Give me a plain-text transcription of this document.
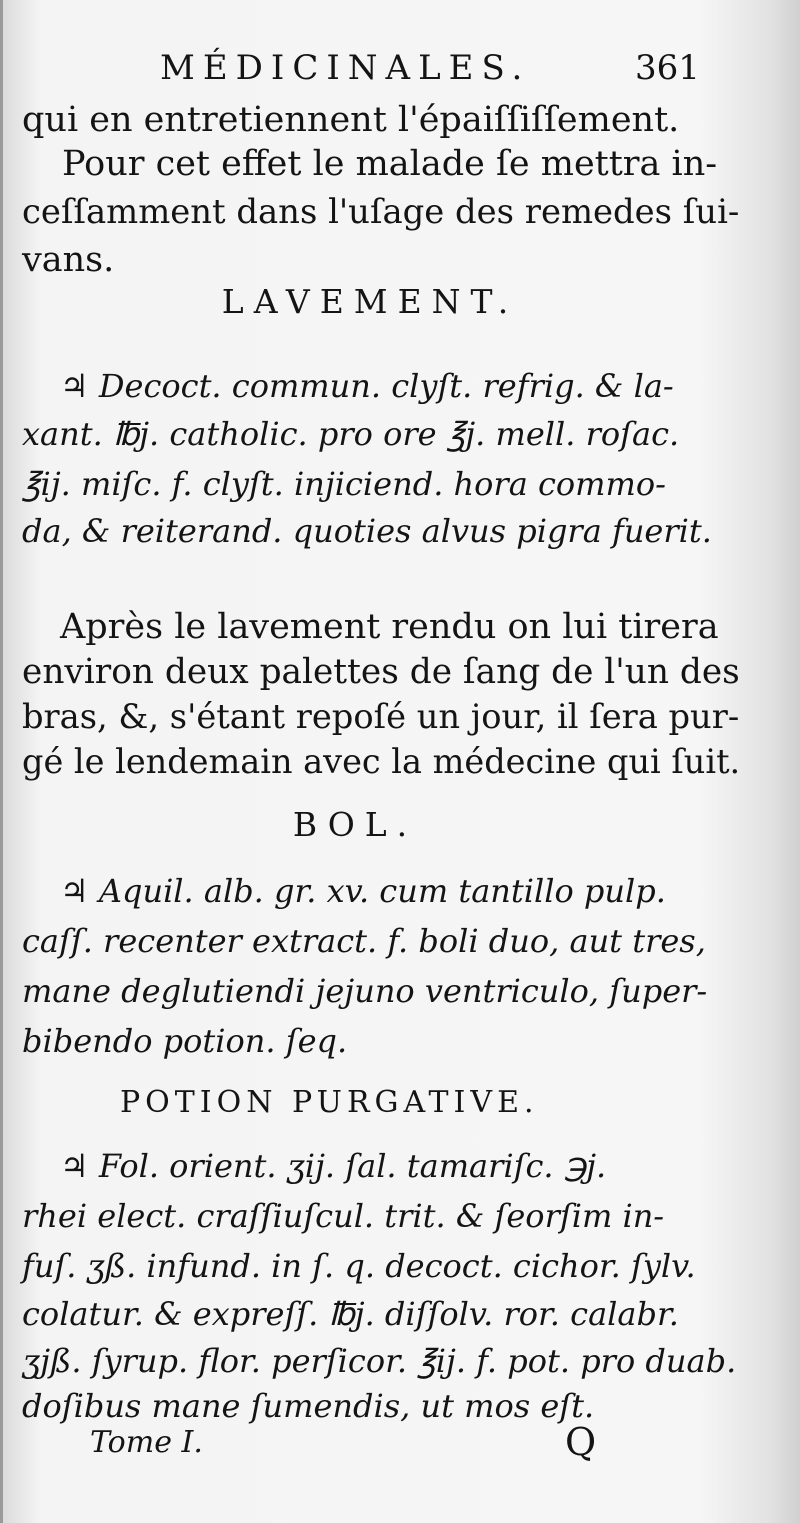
MÉDICINALES.	361
qui en entretiennent l'épaiſſiſſement.
Pour cet effet le malade ſe mettra in-
ceſſamment dans l'uſage des remedes ſui-
vans.
LAVEMENT.
♃ Decoct. commun. clyſt. refrig. & la-
xant. ℔j. catholic. pro ore ℥j. mell. roſac.
℥ij. miſc. f. clyſt. injiciend. hora commo-
da, & reiterand. quoties alvus pigra fuerit.
Après le lavement rendu on lui tirera
environ deux palettes de ſang de l'un des
bras, &, s'étant repoſé un jour, il ſera pur-
gé le lendemain avec la médecine qui ſuit.
BOL.
♃ Aquil. alb. gr. xv. cum tantillo pulp.
caſſ. recenter extract. f. boli duo, aut tres,
mane deglutiendi jejuno ventriculo, ſuper-
bibendo potion. ſeq.
POTION PURGATIVE.
♃ Fol. orient. ʒij. ſal. tamariſc. ℈j.
rhei elect. craſſiuſcul. trit. & ſeorſim in-
fuſ. ʒß. infund. in ſ. q. decoct. cichor. ſylv.
colatur. & expreſſ. ℔j. diſſolv. ror. calabr.
ʒjß. ſyrup. flor. perſicor. ℥ij. f. pot. pro duab.
doſibus mane ſumendis, ut mos eſt.
Tome I.	Q
